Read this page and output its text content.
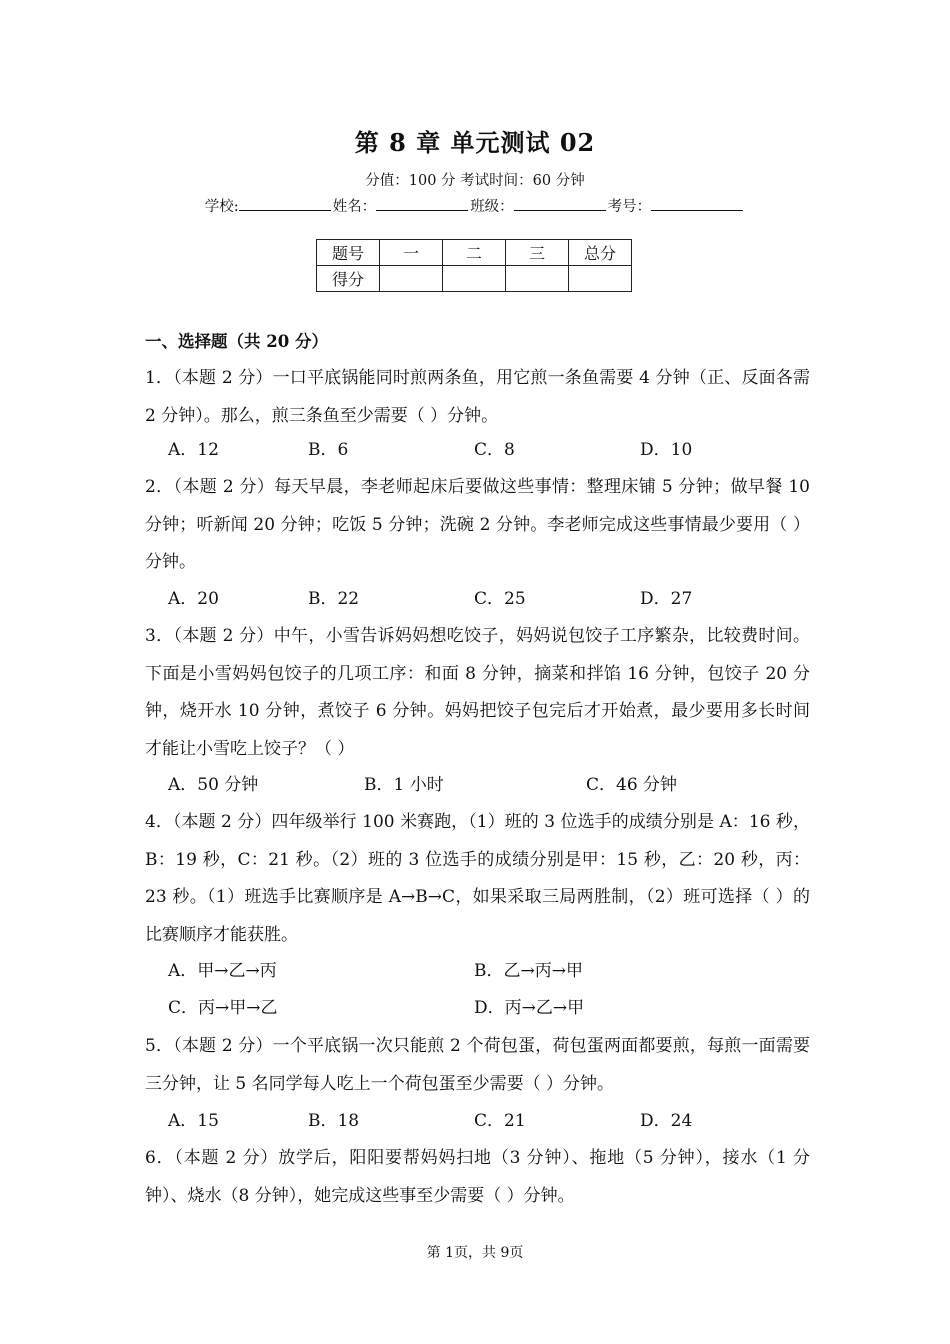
第 8 章 单元测试 02
分值：100 分 考试时间：60 分钟
学校:	姓名：	班级：	考号：
题号	一	二	三	总分
得分				
一、选择题（共 20 分）
1．（本题 2 分）一口平底锅能同时煎两条鱼，用它煎一条鱼需要 4 分钟（正、反面各需 2 分钟）。那么，煎三条鱼至少需要（ ）分钟。
A．12	B．6	C．8	D．10
2．（本题 2 分）每天早晨，李老师起床后要做这些事情：整理床铺 5 分钟；做早餐 10 分钟；听新闻 20 分钟；吃饭 5 分钟；洗碗 2 分钟。李老师完成这些事情最少要用（ ）分钟。
A．20	B．22	C．25	D．27
3．（本题 2 分）中午，小雪告诉妈妈想吃饺子，妈妈说包饺子工序繁杂，比较费时间。下面是小雪妈妈包饺子的几项工序：和面 8 分钟，摘菜和拌馅 16 分钟，包饺子 20 分钟，烧开水 10 分钟，煮饺子 6 分钟。妈妈把饺子包完后才开始煮，最少要用多长时间才能让小雪吃上饺子？（ ）
A．50 分钟	B．1 小时	C．46 分钟
4．（本题 2 分）四年级举行 100 米赛跑，（1）班的 3 位选手的成绩分别是 A：16 秒，B：19 秒，C：21 秒。（2）班的 3 位选手的成绩分别是甲：15 秒，乙：20 秒，丙：23 秒。（1）班选手比赛顺序是 A→B→C，如果采取三局两胜制，（2）班可选择（ ）的比赛顺序才能获胜。
A．甲→乙→丙	B．乙→丙→甲
C．丙→甲→乙	D．丙→乙→甲
5．（本题 2 分）一个平底锅一次只能煎 2 个荷包蛋，荷包蛋两面都要煎，每煎一面需要三分钟，让 5 名同学每人吃上一个荷包蛋至少需要（ ）分钟。
A．15	B．18	C．21	D．24
6．（本题 2 分）放学后，阳阳要帮妈妈扫地（3 分钟）、拖地（5 分钟），接水（1 分钟）、烧水（8 分钟），她完成这些事至少需要（ ）分钟。
第 1页，共 9页
